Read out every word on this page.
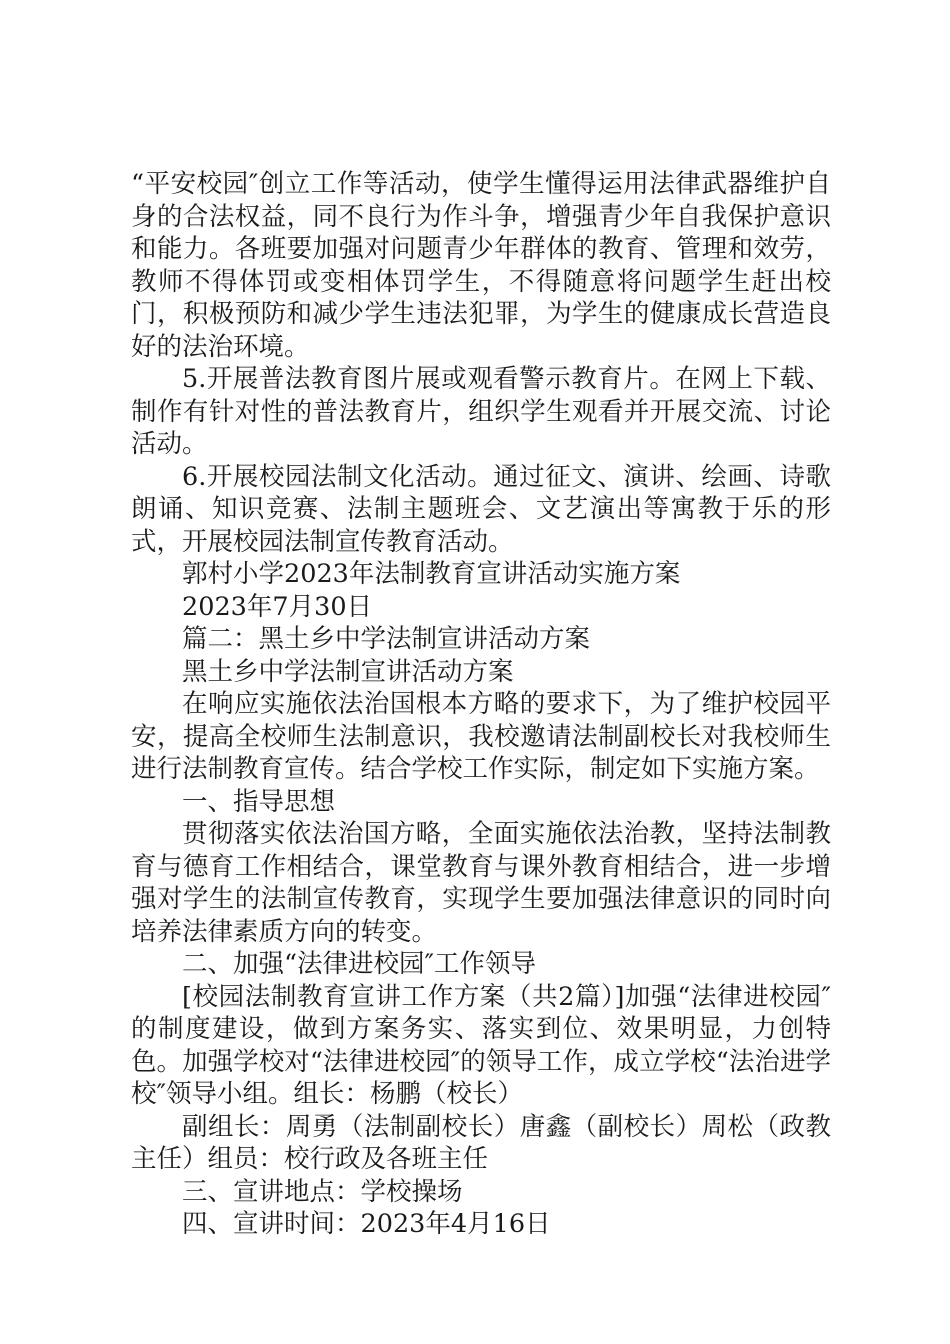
“平安校园″创立工作等活动，使学生懂得运用法律武器维护自身的合法权益，同不良行为作斗争，增强青少年自我保护意识和能力。各班要加强对问题青少年群体的教育、管理和效劳，教师不得体罚或变相体罚学生，不得随意将问题学生赶出校门，积极预防和减少学生违法犯罪，为学生的健康成长营造良好的法治环境。

5.开展普法教育图片展或观看警示教育片。在网上下载、制作有针对性的普法教育片，组织学生观看并开展交流、讨论活动。

6.开展校园法制文化活动。通过征文、演讲、绘画、诗歌朗诵、知识竞赛、法制主题班会、文艺演出等寓教于乐的形式，开展校园法制宣传教育活动。

郭村小学2023年法制教育宣讲活动实施方案

2023年7月30日

篇二：黑土乡中学法制宣讲活动方案

黑土乡中学法制宣讲活动方案

在响应实施依法治国根本方略的要求下，为了维护校园平安，提高全校师生法制意识，我校邀请法制副校长对我校师生进行法制教育宣传。结合学校工作实际，制定如下实施方案。

一、指导思想

贯彻落实依法治国方略，全面实施依法治教，坚持法制教育与德育工作相结合，课堂教育与课外教育相结合，进一步增强对学生的法制宣传教育，实现学生要加强法律意识的同时向培养法律素质方向的转变。

二、加强“法律进校园″工作领导

[校园法制教育宣讲工作方案（共2篇）]加强“法律进校园″的制度建设，做到方案务实、落实到位、效果明显，力创特色。加强学校对“法律进校园″的领导工作，成立学校“法治进学校″领导小组。组长：杨鹏（校长）

副组长：周勇（法制副校长）唐鑫（副校长）周松（政教主任）组员：校行政及各班主任

三、宣讲地点：学校操场

四、宣讲时间：2023年4月16日
